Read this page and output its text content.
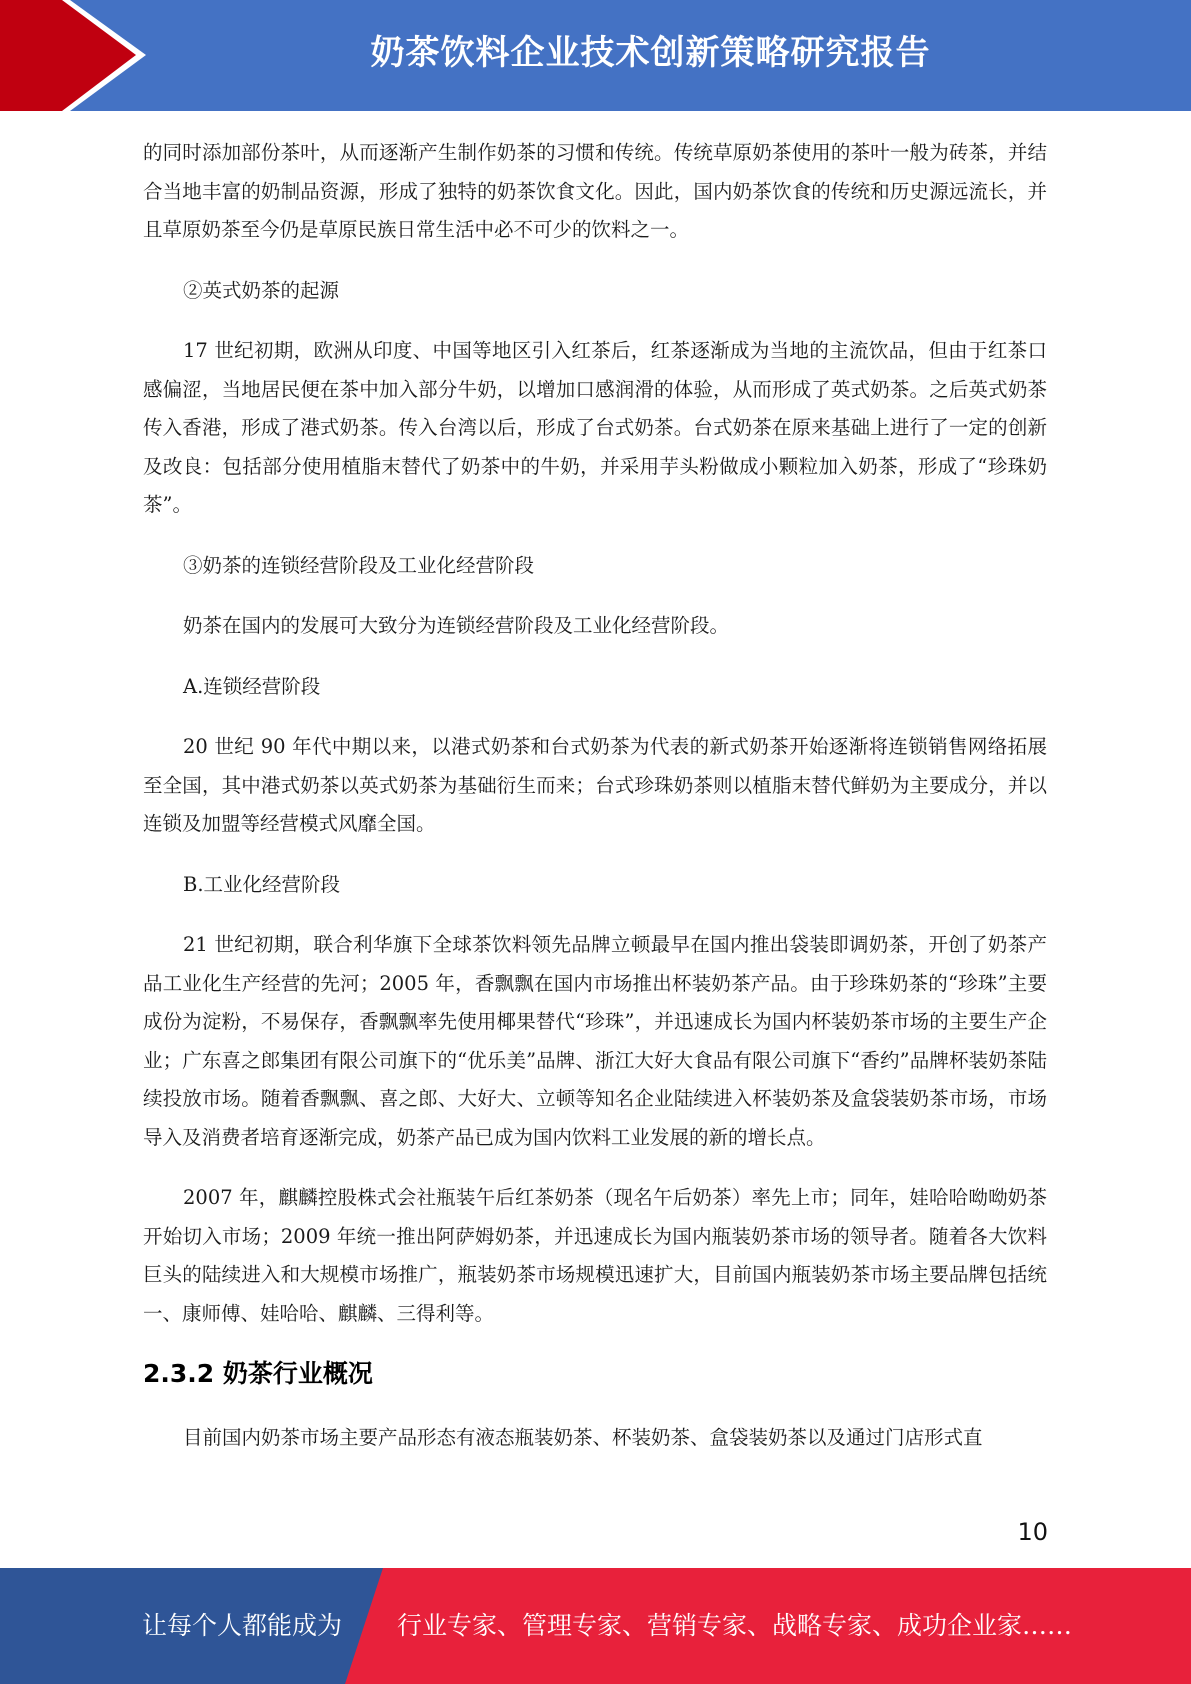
奶茶饮料企业技术创新策略研究报告

的同时添加部份茶叶，从而逐渐产生制作奶茶的习惯和传统。传统草原奶茶使用的茶叶一般为砖茶，并结合当地丰富的奶制品资源，形成了独特的奶茶饮食文化。因此，国内奶茶饮食的传统和历史源远流长，并且草原奶茶至今仍是草原民族日常生活中必不可少的饮料之一。

②英式奶茶的起源

17 世纪初期，欧洲从印度、中国等地区引入红茶后，红茶逐渐成为当地的主流饮品，但由于红茶口感偏涩，当地居民便在茶中加入部分牛奶，以增加口感润滑的体验，从而形成了英式奶茶。之后英式奶茶传入香港，形成了港式奶茶。传入台湾以后，形成了台式奶茶。台式奶茶在原来基础上进行了一定的创新及改良：包括部分使用植脂末替代了奶茶中的牛奶，并采用芋头粉做成小颗粒加入奶茶，形成了“珍珠奶茶”。

③奶茶的连锁经营阶段及工业化经营阶段

奶茶在国内的发展可大致分为连锁经营阶段及工业化经营阶段。

A.连锁经营阶段

20 世纪 90 年代中期以来，以港式奶茶和台式奶茶为代表的新式奶茶开始逐渐将连锁销售网络拓展至全国，其中港式奶茶以英式奶茶为基础衍生而来；台式珍珠奶茶则以植脂末替代鲜奶为主要成分，并以连锁及加盟等经营模式风靡全国。

B.工业化经营阶段

21 世纪初期，联合利华旗下全球茶饮料领先品牌立顿最早在国内推出袋装即调奶茶，开创了奶茶产品工业化生产经营的先河；2005 年，香飘飘在国内市场推出杯装奶茶产品。由于珍珠奶茶的“珍珠”主要成份为淀粉，不易保存，香飘飘率先使用椰果替代“珍珠”，并迅速成长为国内杯装奶茶市场的主要生产企业；广东喜之郎集团有限公司旗下的“优乐美”品牌、浙江大好大食品有限公司旗下“香约”品牌杯装奶茶陆续投放市场。随着香飘飘、喜之郎、大好大、立顿等知名企业陆续进入杯装奶茶及盒袋装奶茶市场，市场导入及消费者培育逐渐完成，奶茶产品已成为国内饮料工业发展的新的增长点。

2007 年，麒麟控股株式会社瓶装午后红茶奶茶（现名午后奶茶）率先上市；同年，娃哈哈呦呦奶茶开始切入市场；2009 年统一推出阿萨姆奶茶，并迅速成长为国内瓶装奶茶市场的领导者。随着各大饮料巨头的陆续进入和大规模市场推广，瓶装奶茶市场规模迅速扩大，目前国内瓶装奶茶市场主要品牌包括统一、康师傅、娃哈哈、麒麟、三得利等。

2.3.2 奶茶行业概况

目前国内奶茶市场主要产品形态有液态瓶装奶茶、杯装奶茶、盒袋装奶茶以及通过门店形式直

10
让每个人都能成为 行业专家、管理专家、营销专家、战略专家、成功企业家……
